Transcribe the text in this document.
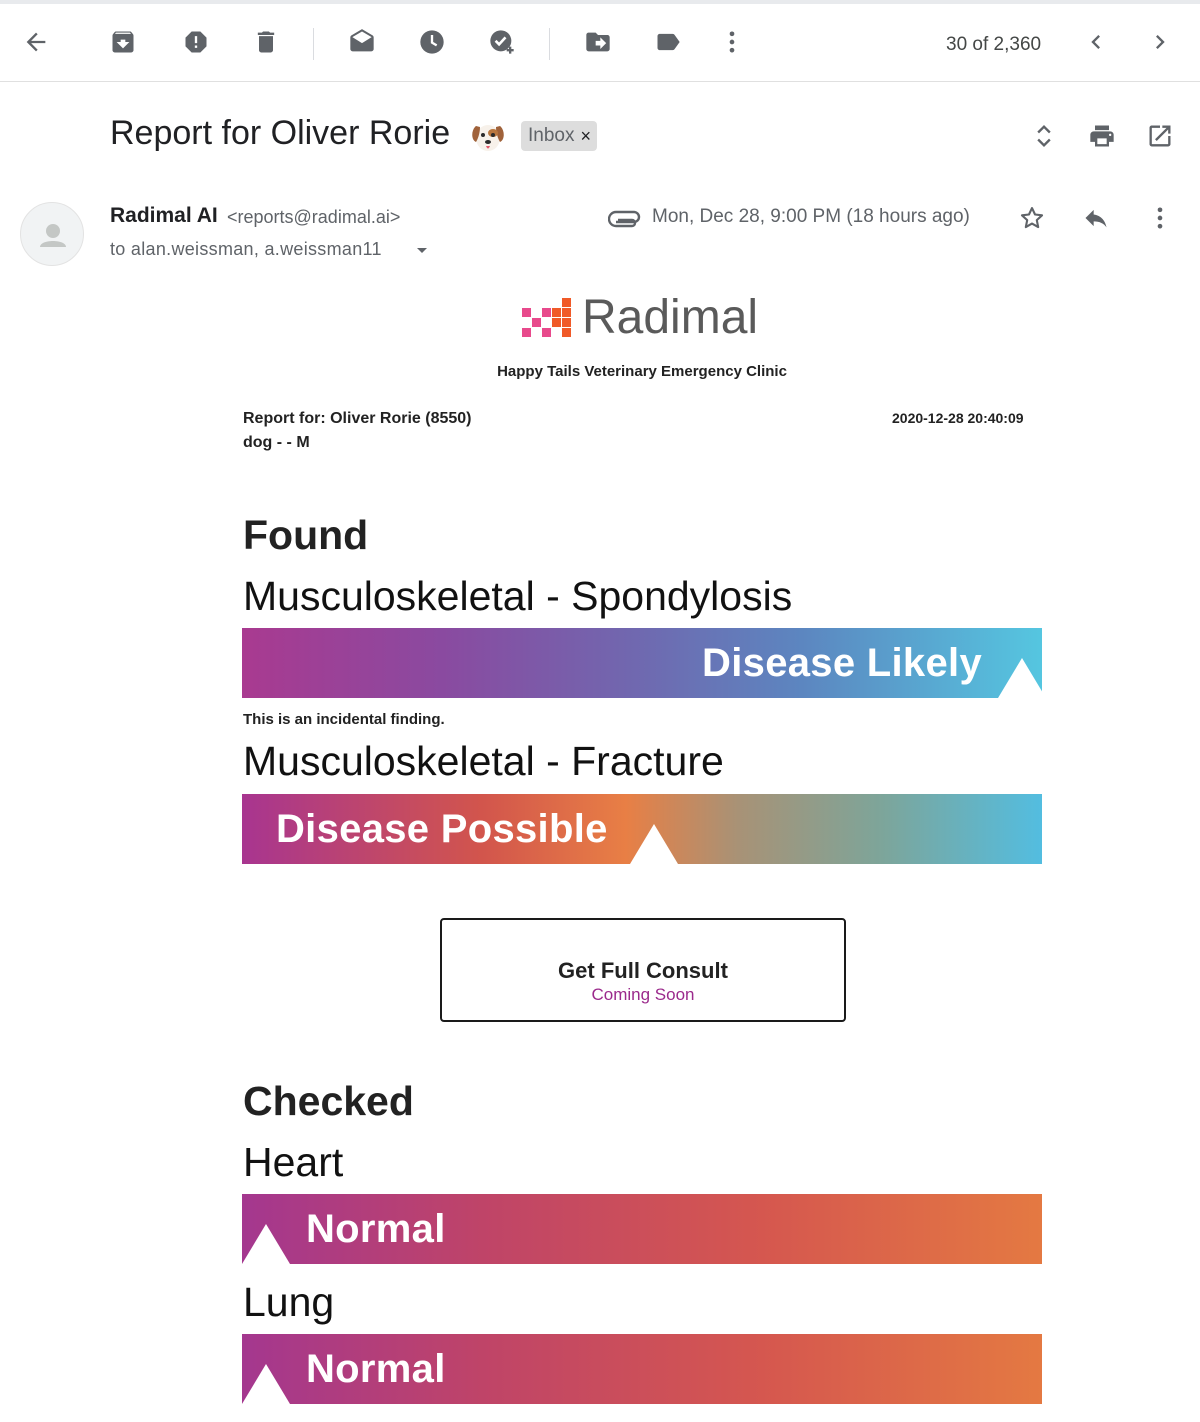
30 of 2,360
Report for Oliver Rorie	Inbox ×
Radimal AI <reports@radimal.ai>
to alan.weissman, a.weissman11
Mon, Dec 28, 9:00 PM (18 hours ago)
Radimal
Happy Tails Veterinary Emergency Clinic
Report for: Oliver Rorie (8550)
dog - - M
2020-12-28 20:40:09
Found
Musculoskeletal - Spondylosis
Disease Likely
This is an incidental finding.
Musculoskeletal - Fracture
Disease Possible
Get Full Consult
Coming Soon
Checked
Heart
Normal
Lung
Normal
